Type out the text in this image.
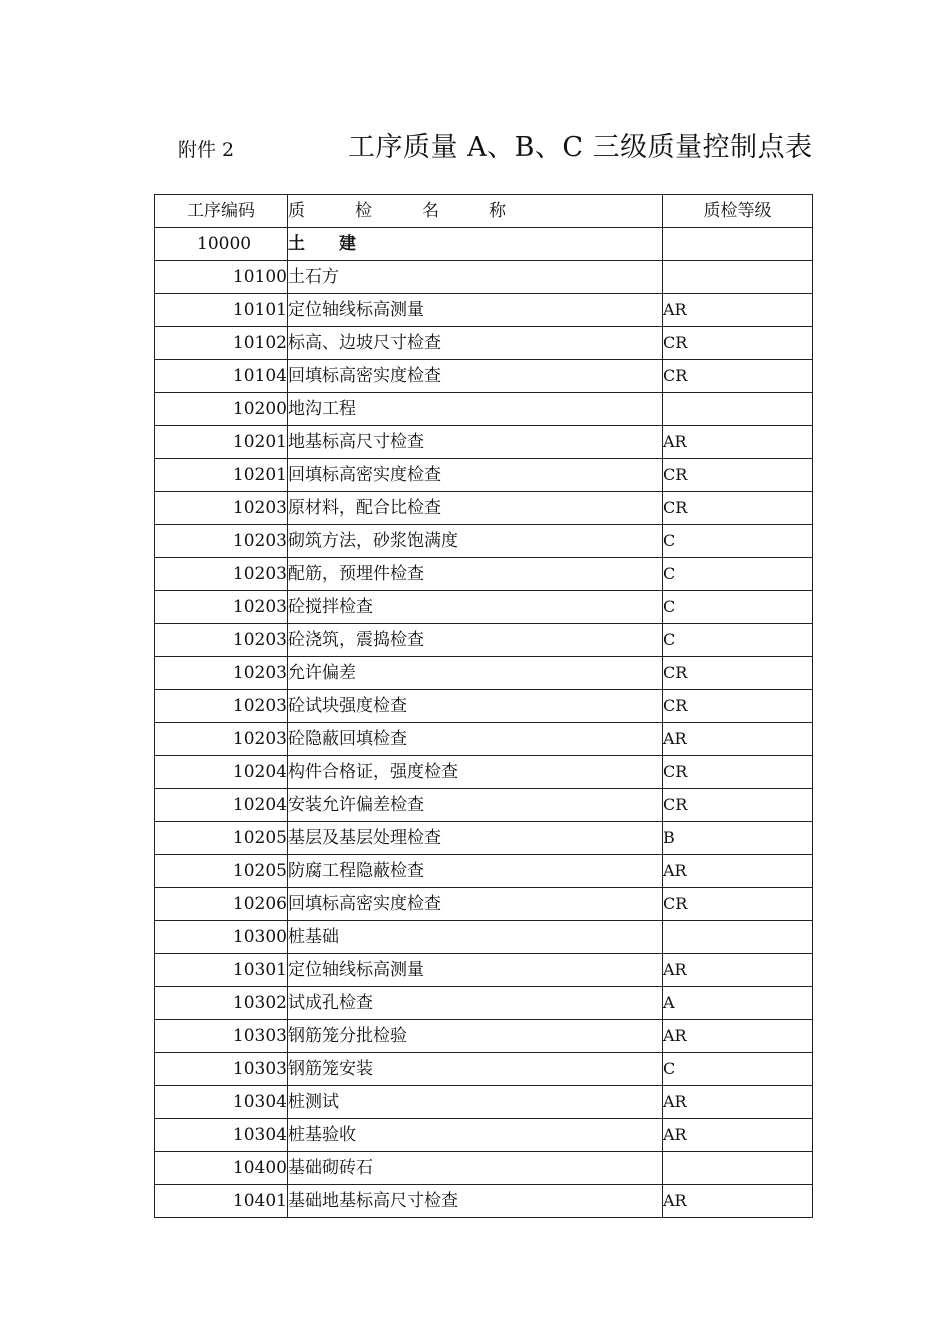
附件 2	工序质量 A、B、C 三级质量控制点表
工序编码	质 检 名 称	质检等级
10000	土 建	
10100	土石方	
10101	定位轴线标高测量	AR
10102	标高、边坡尺寸检查	CR
10104	回填标高密实度检查	CR
10200	地沟工程	
10201	地基标高尺寸检查	AR
10201	回填标高密实度检查	CR
10203	原材料，配合比检查	CR
10203	砌筑方法，砂浆饱满度	C
10203	配筋，预埋件检查	C
10203	砼搅拌检查	C
10203	砼浇筑，震捣检查	C
10203	允许偏差	CR
10203	砼试块强度检查	CR
10203	砼隐蔽回填检查	AR
10204	构件合格证，强度检查	CR
10204	安装允许偏差检查	CR
10205	基层及基层处理检查	B
10205	防腐工程隐蔽检查	AR
10206	回填标高密实度检查	CR
10300	桩基础	
10301	定位轴线标高测量	AR
10302	试成孔检查	A
10303	钢筋笼分批检验	AR
10303	钢筋笼安装	C
10304	桩测试	AR
10304	桩基验收	AR
10400	基础砌砖石	
10401	基础地基标高尺寸检查	AR
